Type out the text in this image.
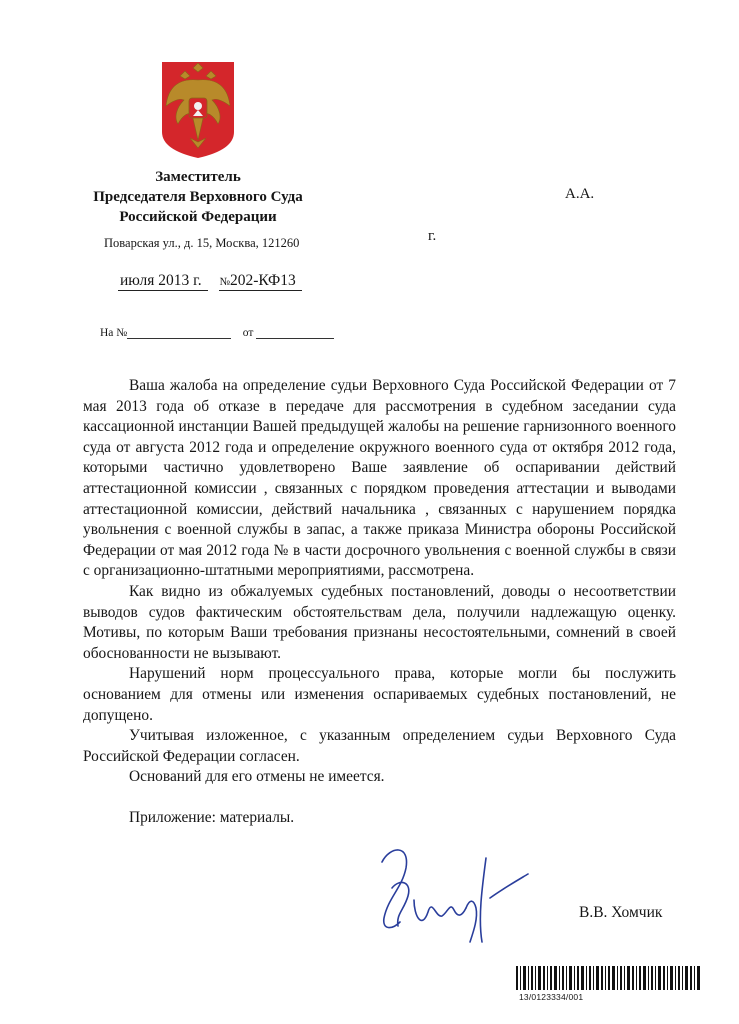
Заместитель
Председателя Верховного Суда
Российской Федерации
Поварская ул., д. 15, Москва, 121260
июля 2013 г. №202-КФ13
На №	от
А.А.
г.

Ваша жалоба на определение судьи Верховного Суда Российской Федерации от 7 мая 2013 года об отказе в передаче для рассмотрения в судебном заседании суда кассационной инстанции Вашей предыдущей жалобы на решение гарнизонного военного суда от августа 2012 года и определение окружного военного суда от октября 2012 года, которыми частично удовлетворено Ваше заявление об оспаривании действий аттестационной комиссии , связанных с порядком проведения аттестации и выводами аттестационной комиссии, действий начальника , связанных с нарушением порядка увольнения с военной службы в запас, а также приказа Министра обороны Российской Федерации от мая 2012 года № в части досрочного увольнения с военной службы в связи с организационно-штатными мероприятиями, рассмотрена.

Как видно из обжалуемых судебных постановлений, доводы о несоответствии выводов судов фактическим обстоятельствам дела, получили надлежащую оценку. Мотивы, по которым Ваши требования признаны несостоятельными, сомнений в своей обоснованности не вызывают.

Нарушений норм процессуального права, которые могли бы послужить основанием для отмены или изменения оспариваемых судебных постановлений, не допущено.

Учитывая изложенное, с указанным определением судьи Верховного Суда Российской Федерации согласен.

Оснований для его отмены не имеется.

Приложение: материалы.

В.В. Хомчик
13/0123334/001
